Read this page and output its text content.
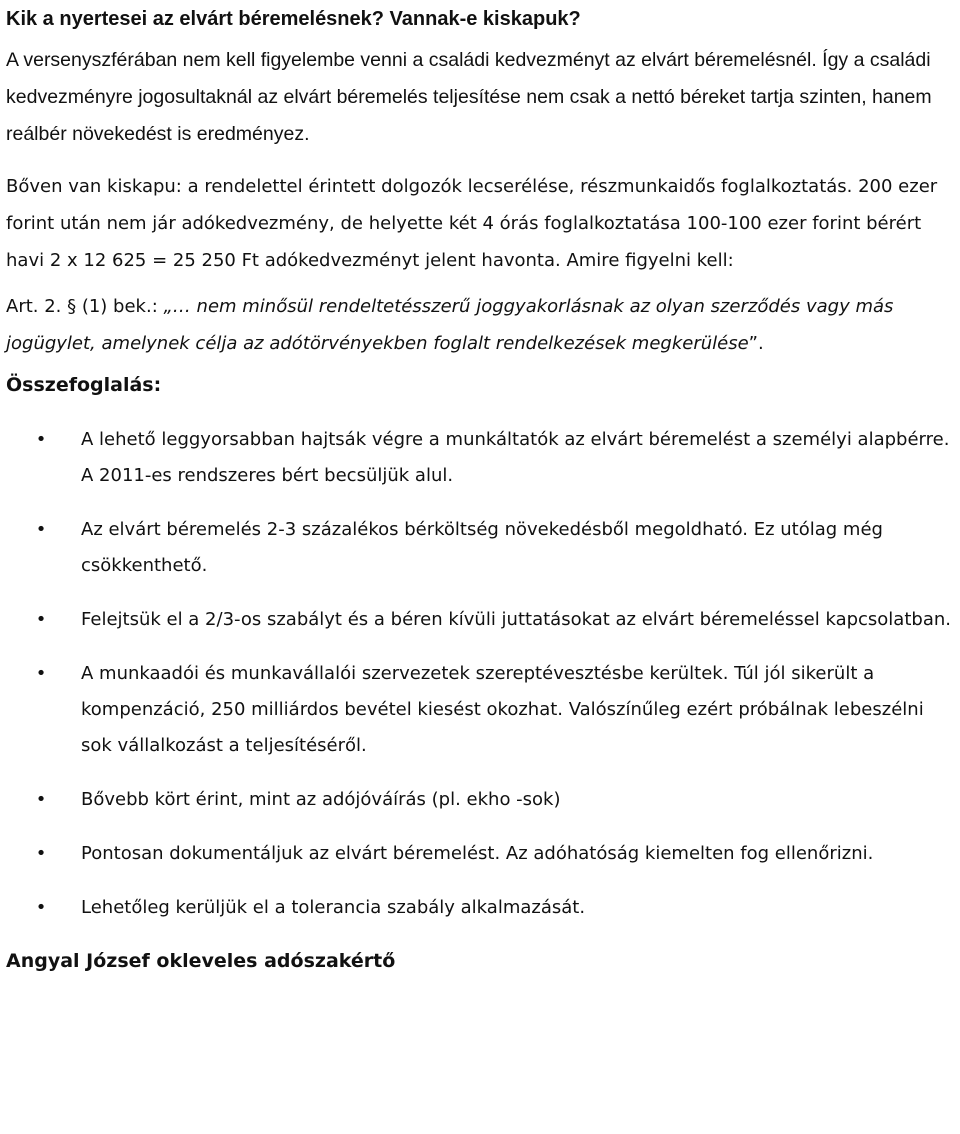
Kik a nyertesei az elvárt béremelésnek? Vannak-e kiskapuk?

A versenyszférában nem kell figyelembe venni a családi kedvezményt az elvárt béremelésnél. Így a családi kedvezményre jogosultaknál az elvárt béremelés teljesítése nem csak a nettó béreket tartja szinten, hanem reálbér növekedést is eredményez.

Bőven van kiskapu: a rendelettel érintett dolgozók lecserélése, részmunkaidős foglalkoztatás. 200 ezer forint után nem jár adókedvezmény, de helyette két 4 órás foglalkoztatása 100-100 ezer forint bérért havi 2 x 12 625 = 25 250 Ft adókedvezményt jelent havonta. Amire figyelni kell:

Art. 2. § (1) bek.: „… nem minősül rendeltetésszerű joggyakorlásnak az olyan szerződés vagy más jogügylet, amelynek célja az adótörvényekben foglalt rendelkezések megkerülése”.

Összefoglalás:
• A lehető leggyorsabban hajtsák végre a munkáltatók az elvárt béremelést a személyi alapbérre. A 2011-es rendszeres bért becsüljük alul.
• Az elvárt béremelés 2-3 százalékos bérköltség növekedésből megoldható. Ez utólag még csökkenthető.
• Felejtsük el a 2/3-os szabályt és a béren kívüli juttatásokat az elvárt béremeléssel kapcsolatban.
• A munkaadói és munkavállalói szervezetek szereptévesztésbe kerültek. Túl jól sikerült a kompenzáció, 250 milliárdos bevétel kiesést okozhat. Valószínűleg ezért próbálnak lebeszélni sok vállalkozást a teljesítéséről.
• Bővebb kört érint, mint az adójóváírás (pl. ekho -sok)
• Pontosan dokumentáljuk az elvárt béremelést. Az adóhatóság kiemelten fog ellenőrizni.
• Lehetőleg kerüljük el a tolerancia szabály alkalmazását.
Angyal József okleveles adószakértő
